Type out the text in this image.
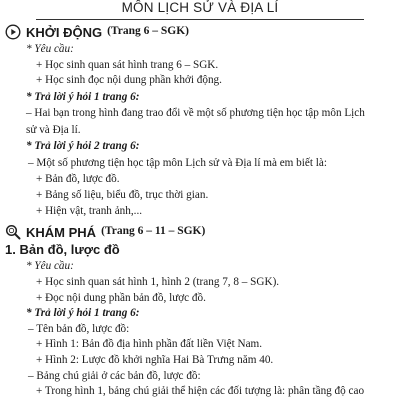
MÔN LỊCH SỬ VÀ ĐỊA LÍ
KHỞI ĐỘNG (Trang 6 – SGK)
* Yêu cầu:
+ Học sinh quan sát hình trang 6 – SGK.
+ Học sinh đọc nội dung phần khởi động.
* Trả lời ý hỏi 1 trang 6:
– Hai bạn trong hình đang trao đổi về một số phương tiện học tập môn Lịch
sử và Địa lí.
* Trả lời ý hỏi 2 trang 6:
– Một số phương tiện học tập môn Lịch sử và Địa lí mà em biết là:
+ Bản đồ, lược đồ.
+ Bảng số liệu, biểu đồ, trục thời gian.
+ Hiện vật, tranh ảnh,...
KHÁM PHÁ (Trang 6 – 11 – SGK)
1. Bản đồ, lược đồ
* Yêu cầu:
+ Học sinh quan sát hình 1, hình 2 (trang 7, 8 – SGK).
+ Đọc nội dung phần bản đồ, lược đồ.
* Trả lời ý hỏi 1 trang 6:
– Tên bản đồ, lược đồ:
+ Hình 1: Bản đồ địa hình phần đất liền Việt Nam.
+ Hình 2: Lược đồ khởi nghĩa Hai Bà Trưng năm 40.
– Bảng chú giải ở các bản đồ, lược đồ:
+ Trong hình 1, bảng chú giải thể hiện các đối tượng là: phân tầng độ cao
